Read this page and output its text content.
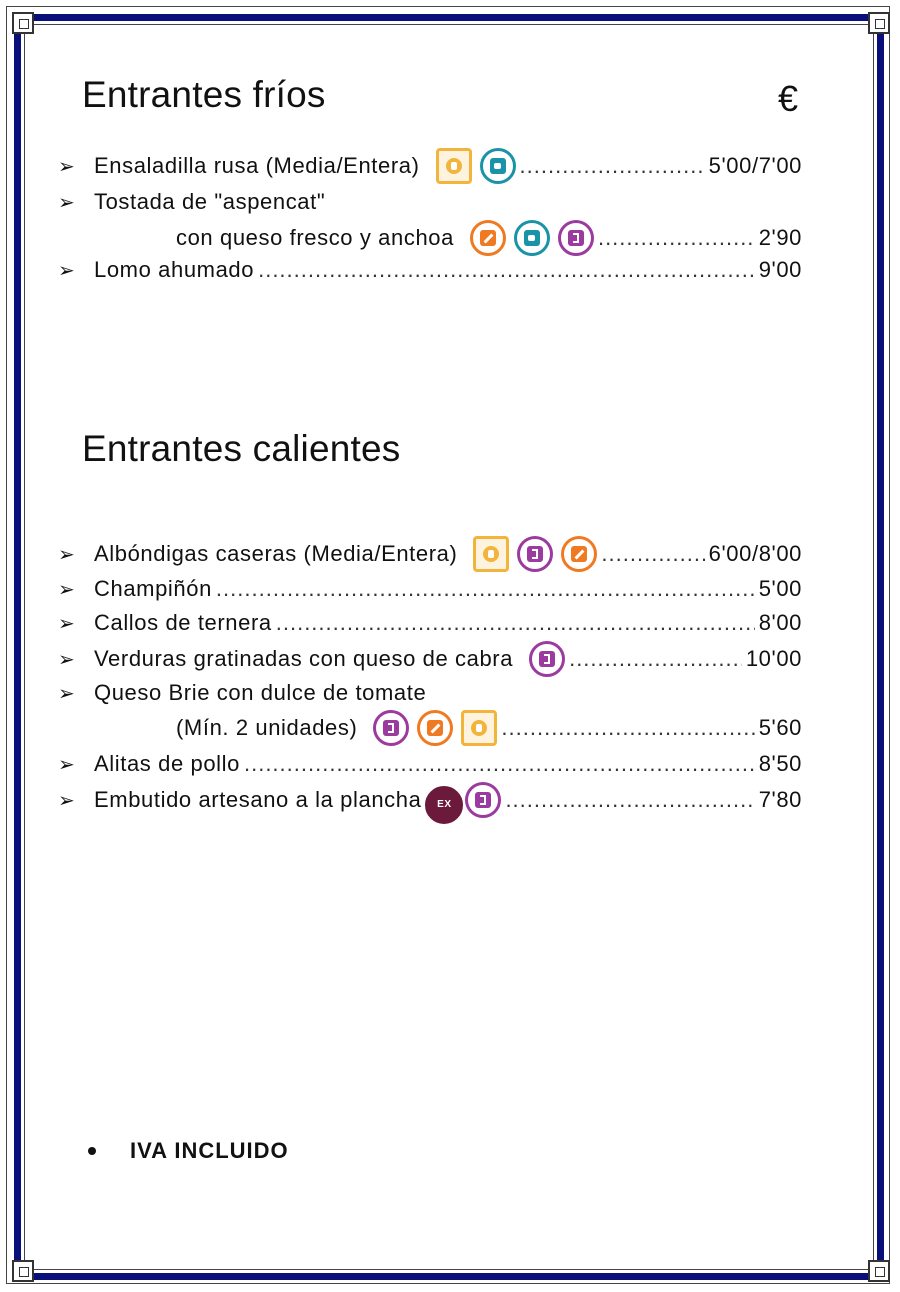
Entrantes fríos	€
➢ Ensaladilla rusa (Media/Entera) .....	5'00/7'00
➢ Tostada de "aspencat"
con queso fresco y anchoa .....	2'90
➢ Lomo ahumado .....	9'00
Entrantes calientes
➢ Albóndigas caseras (Media/Entera) .....	6'00/8'00
➢ Champiñón .....	5'00
➢ Callos de ternera .....	8'00
➢ Verduras gratinadas con queso de cabra .....	10'00
➢ Queso Brie con dulce de tomate
(Mín. 2 unidades) .....	5'60
➢ Alitas de pollo .....	8'50
➢ Embutido artesano a la plancha EX .....	7'80
IVA INCLUIDO
